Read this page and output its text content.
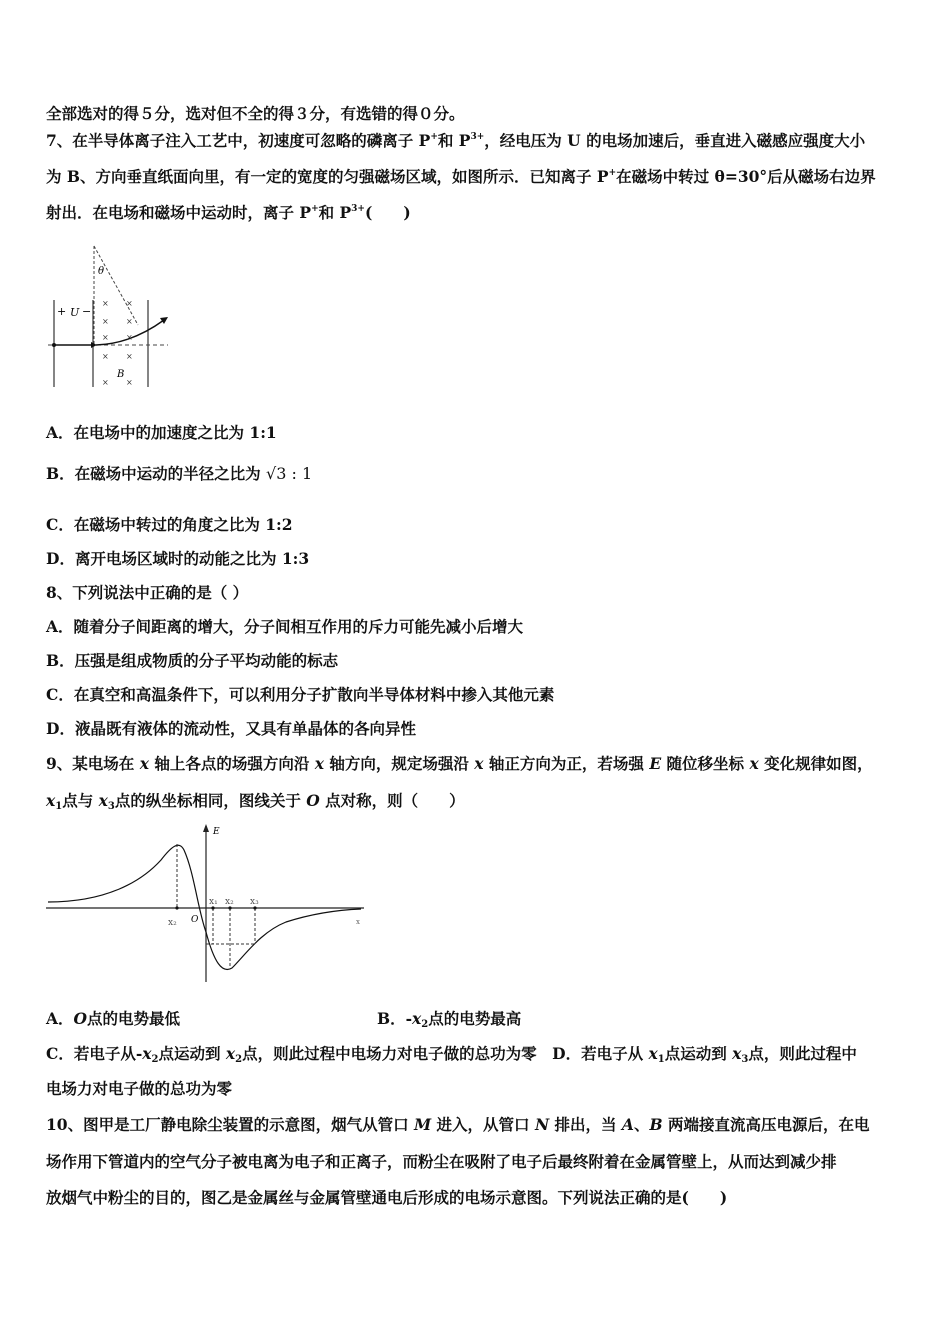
全部选对的得５分，选对但不全的得３分，有选错的得０分。
7、在半导体离子注入工艺中，初速度可忽略的磷离子 P+和 $P^{3+}$，经电压为 U 的电场加速后，垂直进入磁感应强度大小
为 B、方向垂直纸面向里，有一定的宽度的匀强磁场区域，如图所示．已知离子 P+在磁场中转过 θ=30°后从磁场右边界
射出．在电场和磁场中运动时，离子 P+和 $P^{3+}$(　　)
θ
+ U −
B
× ×
× ×
× ×
× ×
× ×
A．在电场中的加速度之比为 1:1
B．在磁场中运动的半径之比为 √3 : 1
C．在磁场中转过的角度之比为 1:2
D．离开电场区域时的动能之比为 1:3
8、下列说法中正确的是（ ）
A．随着分子间距离的增大，分子间相互作用的斥力可能先减小后增大
B．压强是组成物质的分子平均动能的标志
C．在真空和高温条件下，可以利用分子扩散向半导体材料中掺入其他元素
D．液晶既有液体的流动性，又具有单晶体的各向异性
9、某电场在 x 轴上各点的场强方向沿 x 轴方向，规定场强沿 x 轴正方向为正，若场强 E 随位移坐标 x 变化规律如图，
$x_1$点与 $x_3$点的纵坐标相同，图线关于 O 点对称，则（　　）
E
x
x₂ O
x₁ x₂ x₃
A．O点的电势最低	B．$-x_2$点的电势最高
C．若电子从$-x_2$点运动到 $x_2$点，则此过程中电场力对电子做的总功为零　D．若电子从 $x_1$点运动到 $x_3$点，则此过程中
电场力对电子做的总功为零
10、图甲是工厂静电除尘装置的示意图，烟气从管口 M 进入，从管口 N 排出，当 A、B 两端接直流高压电源后，在电
场作用下管道内的空气分子被电离为电子和正离子，而粉尘在吸附了电子后最终附着在金属管壁上，从而达到减少排
放烟气中粉尘的目的，图乙是金属丝与金属管壁通电后形成的电场示意图。下列说法正确的是(　　)
